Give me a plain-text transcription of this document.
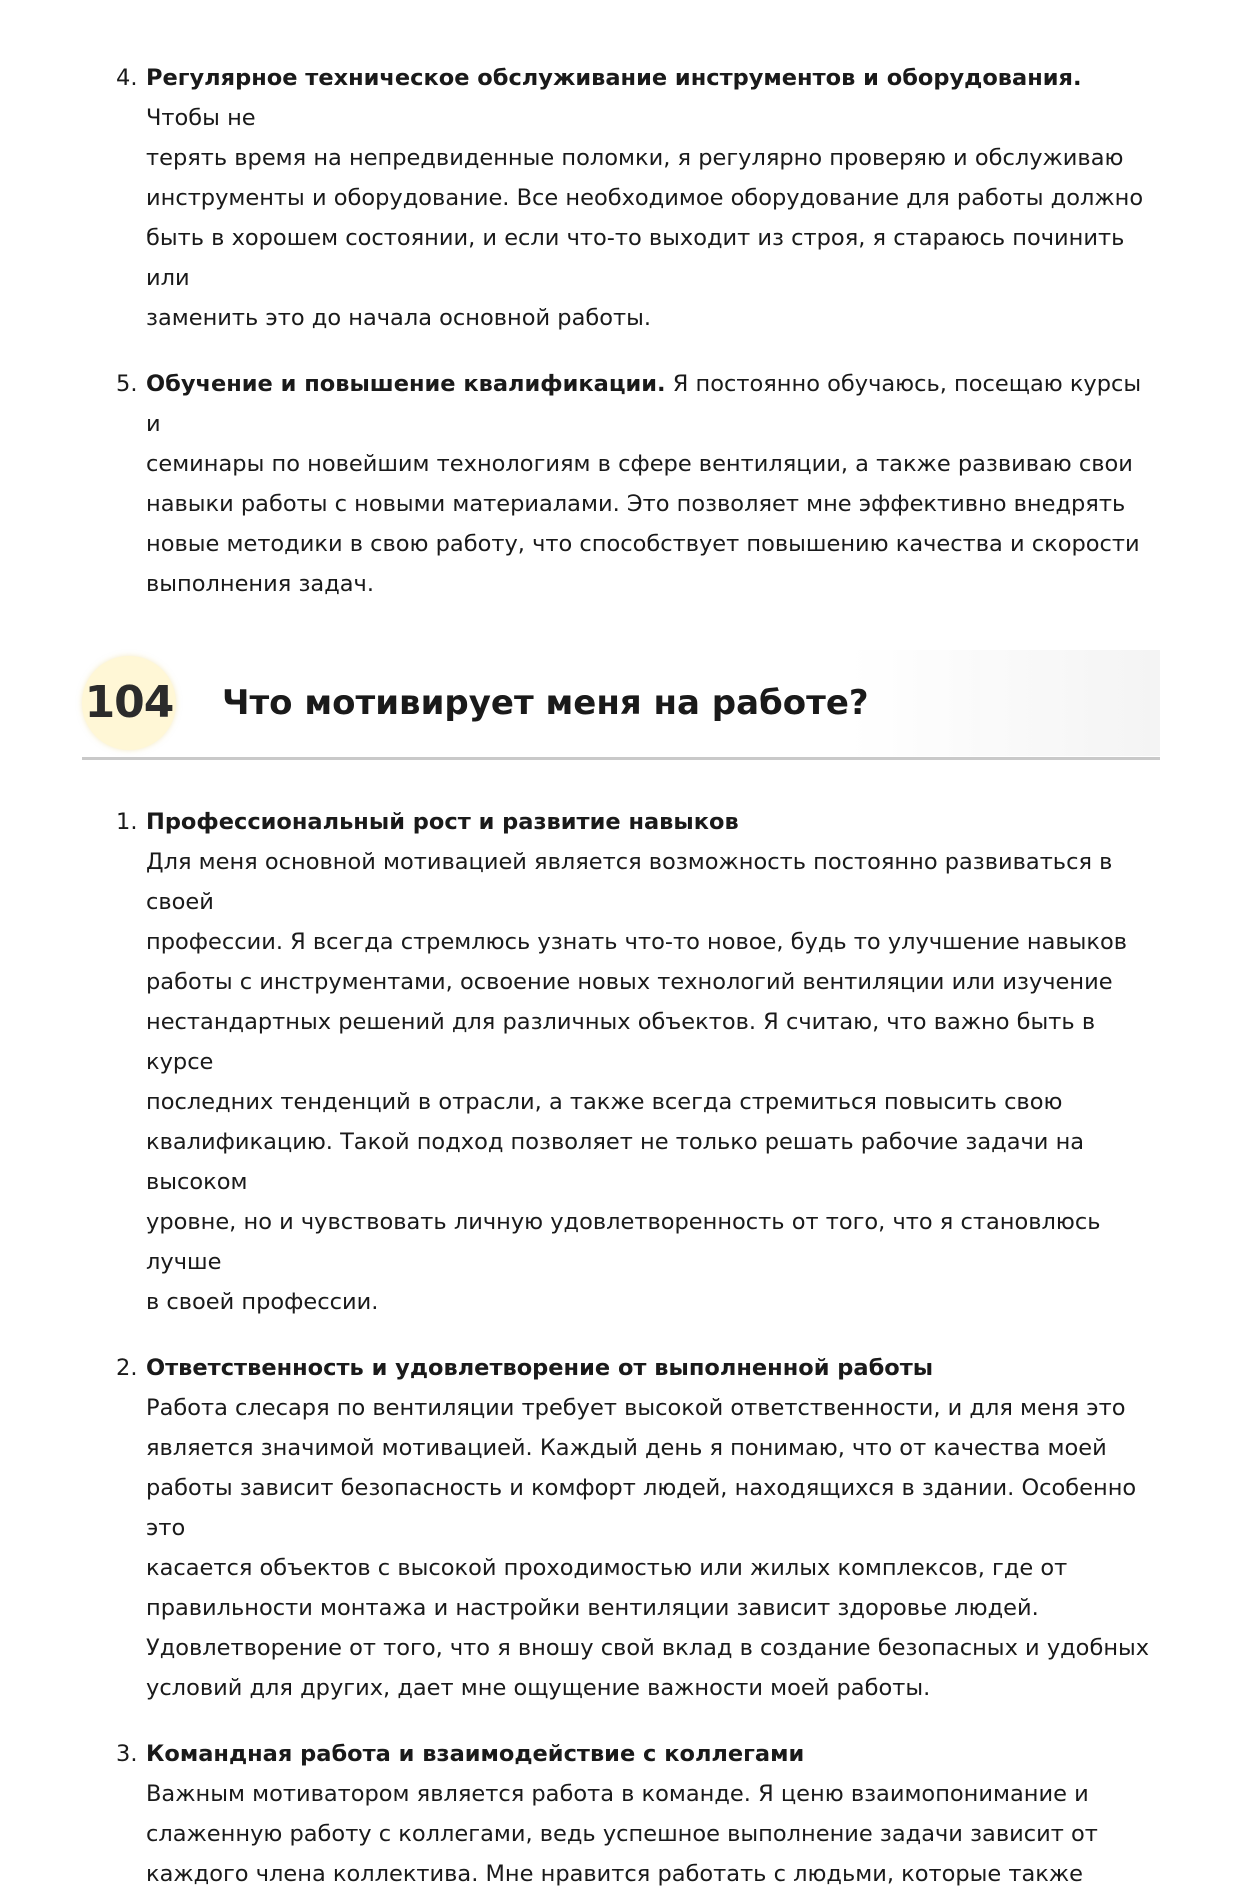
4. Регулярное техническое обслуживание инструментов и оборудования. Чтобы не

терять время на непредвиденные поломки, я регулярно проверяю и обслуживаю

инструменты и оборудование. Все необходимое оборудование для работы должно

быть в хорошем состоянии, и если что-то выходит из строя, я стараюсь починить или

заменить это до начала основной работы.

5. Обучение и повышение квалификации. Я постоянно обучаюсь, посещаю курсы и

семинары по новейшим технологиям в сфере вентиляции, а также развиваю свои

навыки работы с новыми материалами. Это позволяет мне эффективно внедрять

новые методики в свою работу, что способствует повышению качества и скорости

выполнения задач.

104 Что мотивирует меня на работе?
1. Профессиональный рост и развитие навыков

Для меня основной мотивацией является возможность постоянно развиваться в своей

профессии. Я всегда стремлюсь узнать что-то новое, будь то улучшение навыков

работы с инструментами, освоение новых технологий вентиляции или изучение

нестандартных решений для различных объектов. Я считаю, что важно быть в курсе

последних тенденций в отрасли, а также всегда стремиться повысить свою

квалификацию. Такой подход позволяет не только решать рабочие задачи на высоком

уровне, но и чувствовать личную удовлетворенность от того, что я становлюсь лучше

в своей профессии.

2. Ответственность и удовлетворение от выполненной работы

Работа слесаря по вентиляции требует высокой ответственности, и для меня это

является значимой мотивацией. Каждый день я понимаю, что от качества моей

работы зависит безопасность и комфорт людей, находящихся в здании. Особенно это

касается объектов с высокой проходимостью или жилых комплексов, где от

правильности монтажа и настройки вентиляции зависит здоровье людей.

Удовлетворение от того, что я вношу свой вклад в создание безопасных и удобных

условий для других, дает мне ощущение важности моей работы.

3. Командная работа и взаимодействие с коллегами

Важным мотиватором является работа в команде. Я ценю взаимопонимание и

слаженную работу с коллегами, ведь успешное выполнение задачи зависит от

каждого члена коллектива. Мне нравится работать с людьми, которые также
